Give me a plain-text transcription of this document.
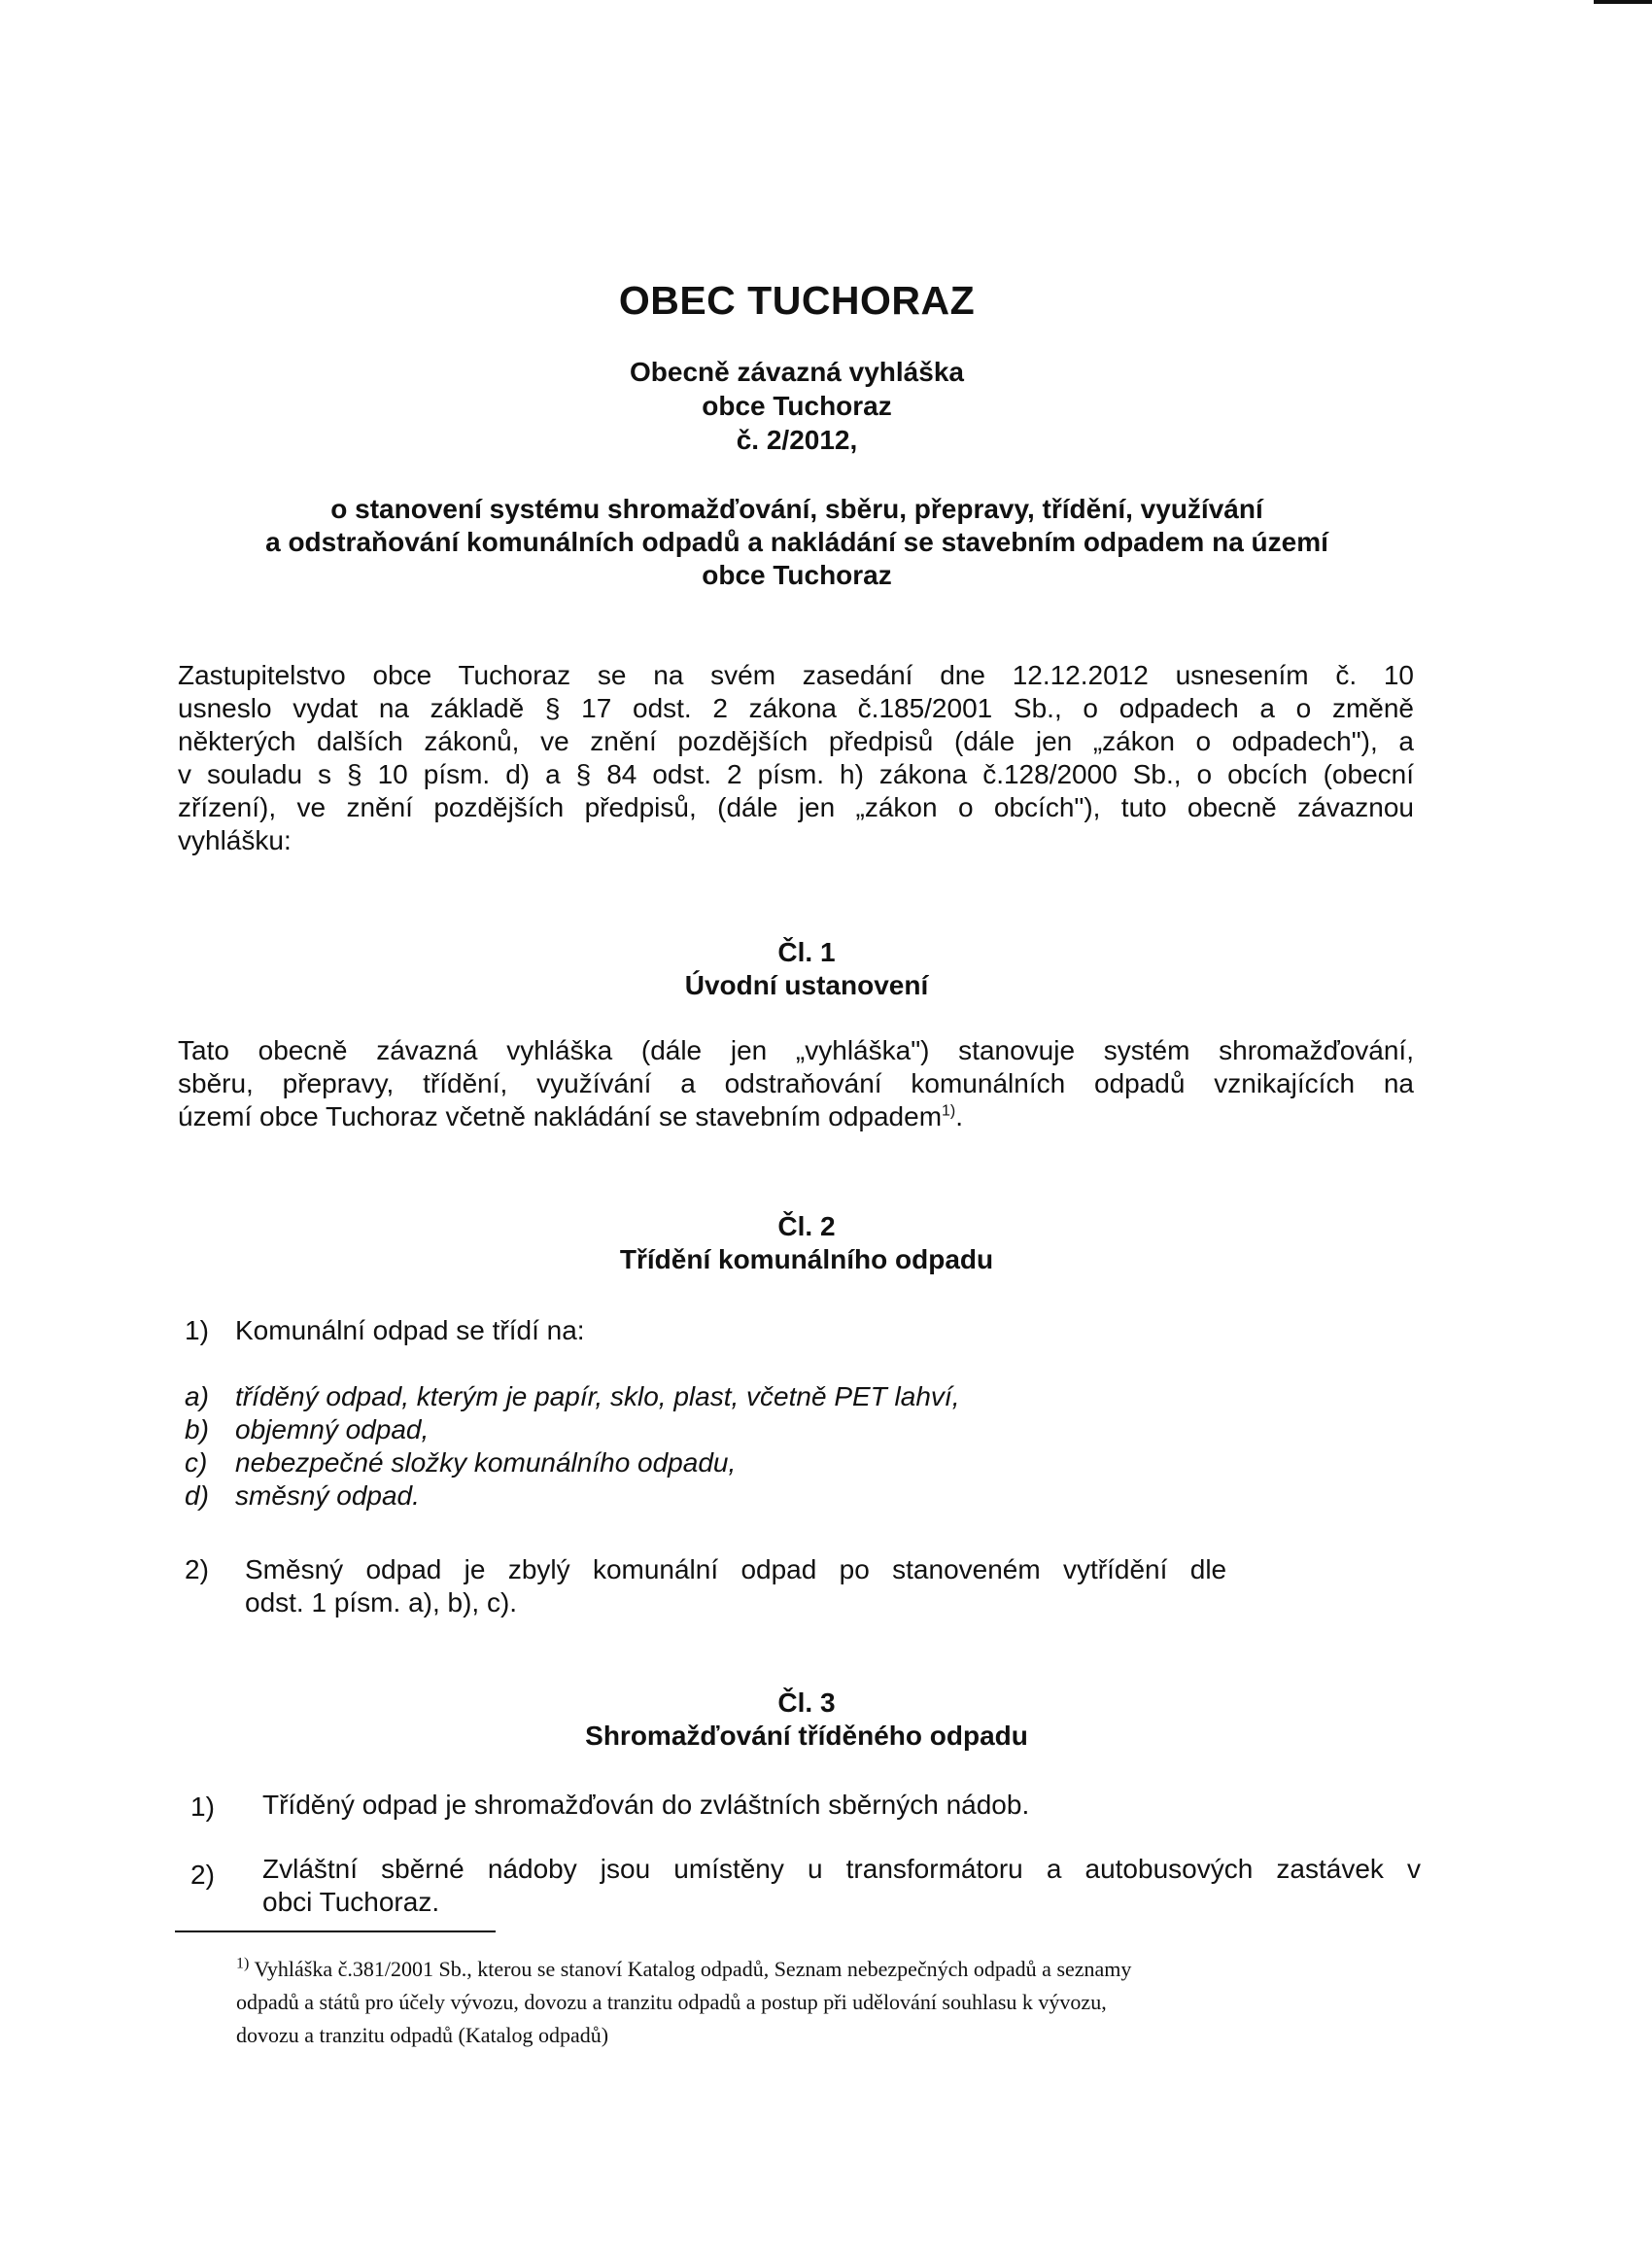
OBEC TUCHORAZ
Obecně závazná vyhláška
obce Tuchoraz
č. 2/2012,
o stanovení systému shromažďování, sběru, přepravy, třídění, využívání
a odstraňování komunálních odpadů a nakládání se stavebním odpadem na území
obce Tuchoraz
Zastupitelstvo obce Tuchoraz se na svém zasedání dne 12.12.2012 usnesením č. 10
usneslo vydat na základě § 17 odst. 2 zákona č.185/2001 Sb., o odpadech a o změně
některých dalších zákonů, ve znění pozdějších předpisů (dále jen „zákon o odpadech"), a
v souladu s § 10 písm. d) a § 84 odst. 2 písm. h) zákona č.128/2000 Sb., o obcích (obecní
zřízení), ve znění pozdějších předpisů, (dále jen „zákon o obcích"), tuto obecně závaznou
vyhlášku:
Čl. 1
Úvodní ustanovení
Tato obecně závazná vyhláška (dále jen „vyhláška") stanovuje systém shromažďování,
sběru, přepravy, třídění, využívání a odstraňování komunálních odpadů vznikajících na
území obce Tuchoraz včetně nakládání se stavebním odpadem$^{1)}$.
Čl. 2
Třídění komunálního odpadu
1) Komunální odpad se třídí na:
a) tříděný odpad, kterým je papír, sklo, plast, včetně PET lahví,
b) objemný odpad,
c) nebezpečné složky komunálního odpadu,
d) směsný odpad.
2) Směsný   odpad   je   zbylý   komunální   odpad   po   stanoveném   vytřídění   dle
odst. 1 písm. a), b), c).
Čl. 3
Shromažďování tříděného odpadu
1) Tříděný odpad je shromažďován do zvláštních sběrných nádob.
2) Zvláštní sběrné nádoby jsou umístěny u transformátoru a autobusových zastávek v
obci Tuchoraz.
$^{1)}$ Vyhláška č.381/2001 Sb., kterou se stanoví Katalog odpadů, Seznam nebezpečných odpadů a seznamy
odpadů a států pro účely vývozu, dovozu a tranzitu odpadů a postup při udělování souhlasu k vývozu,
dovozu a tranzitu odpadů (Katalog odpadů)
